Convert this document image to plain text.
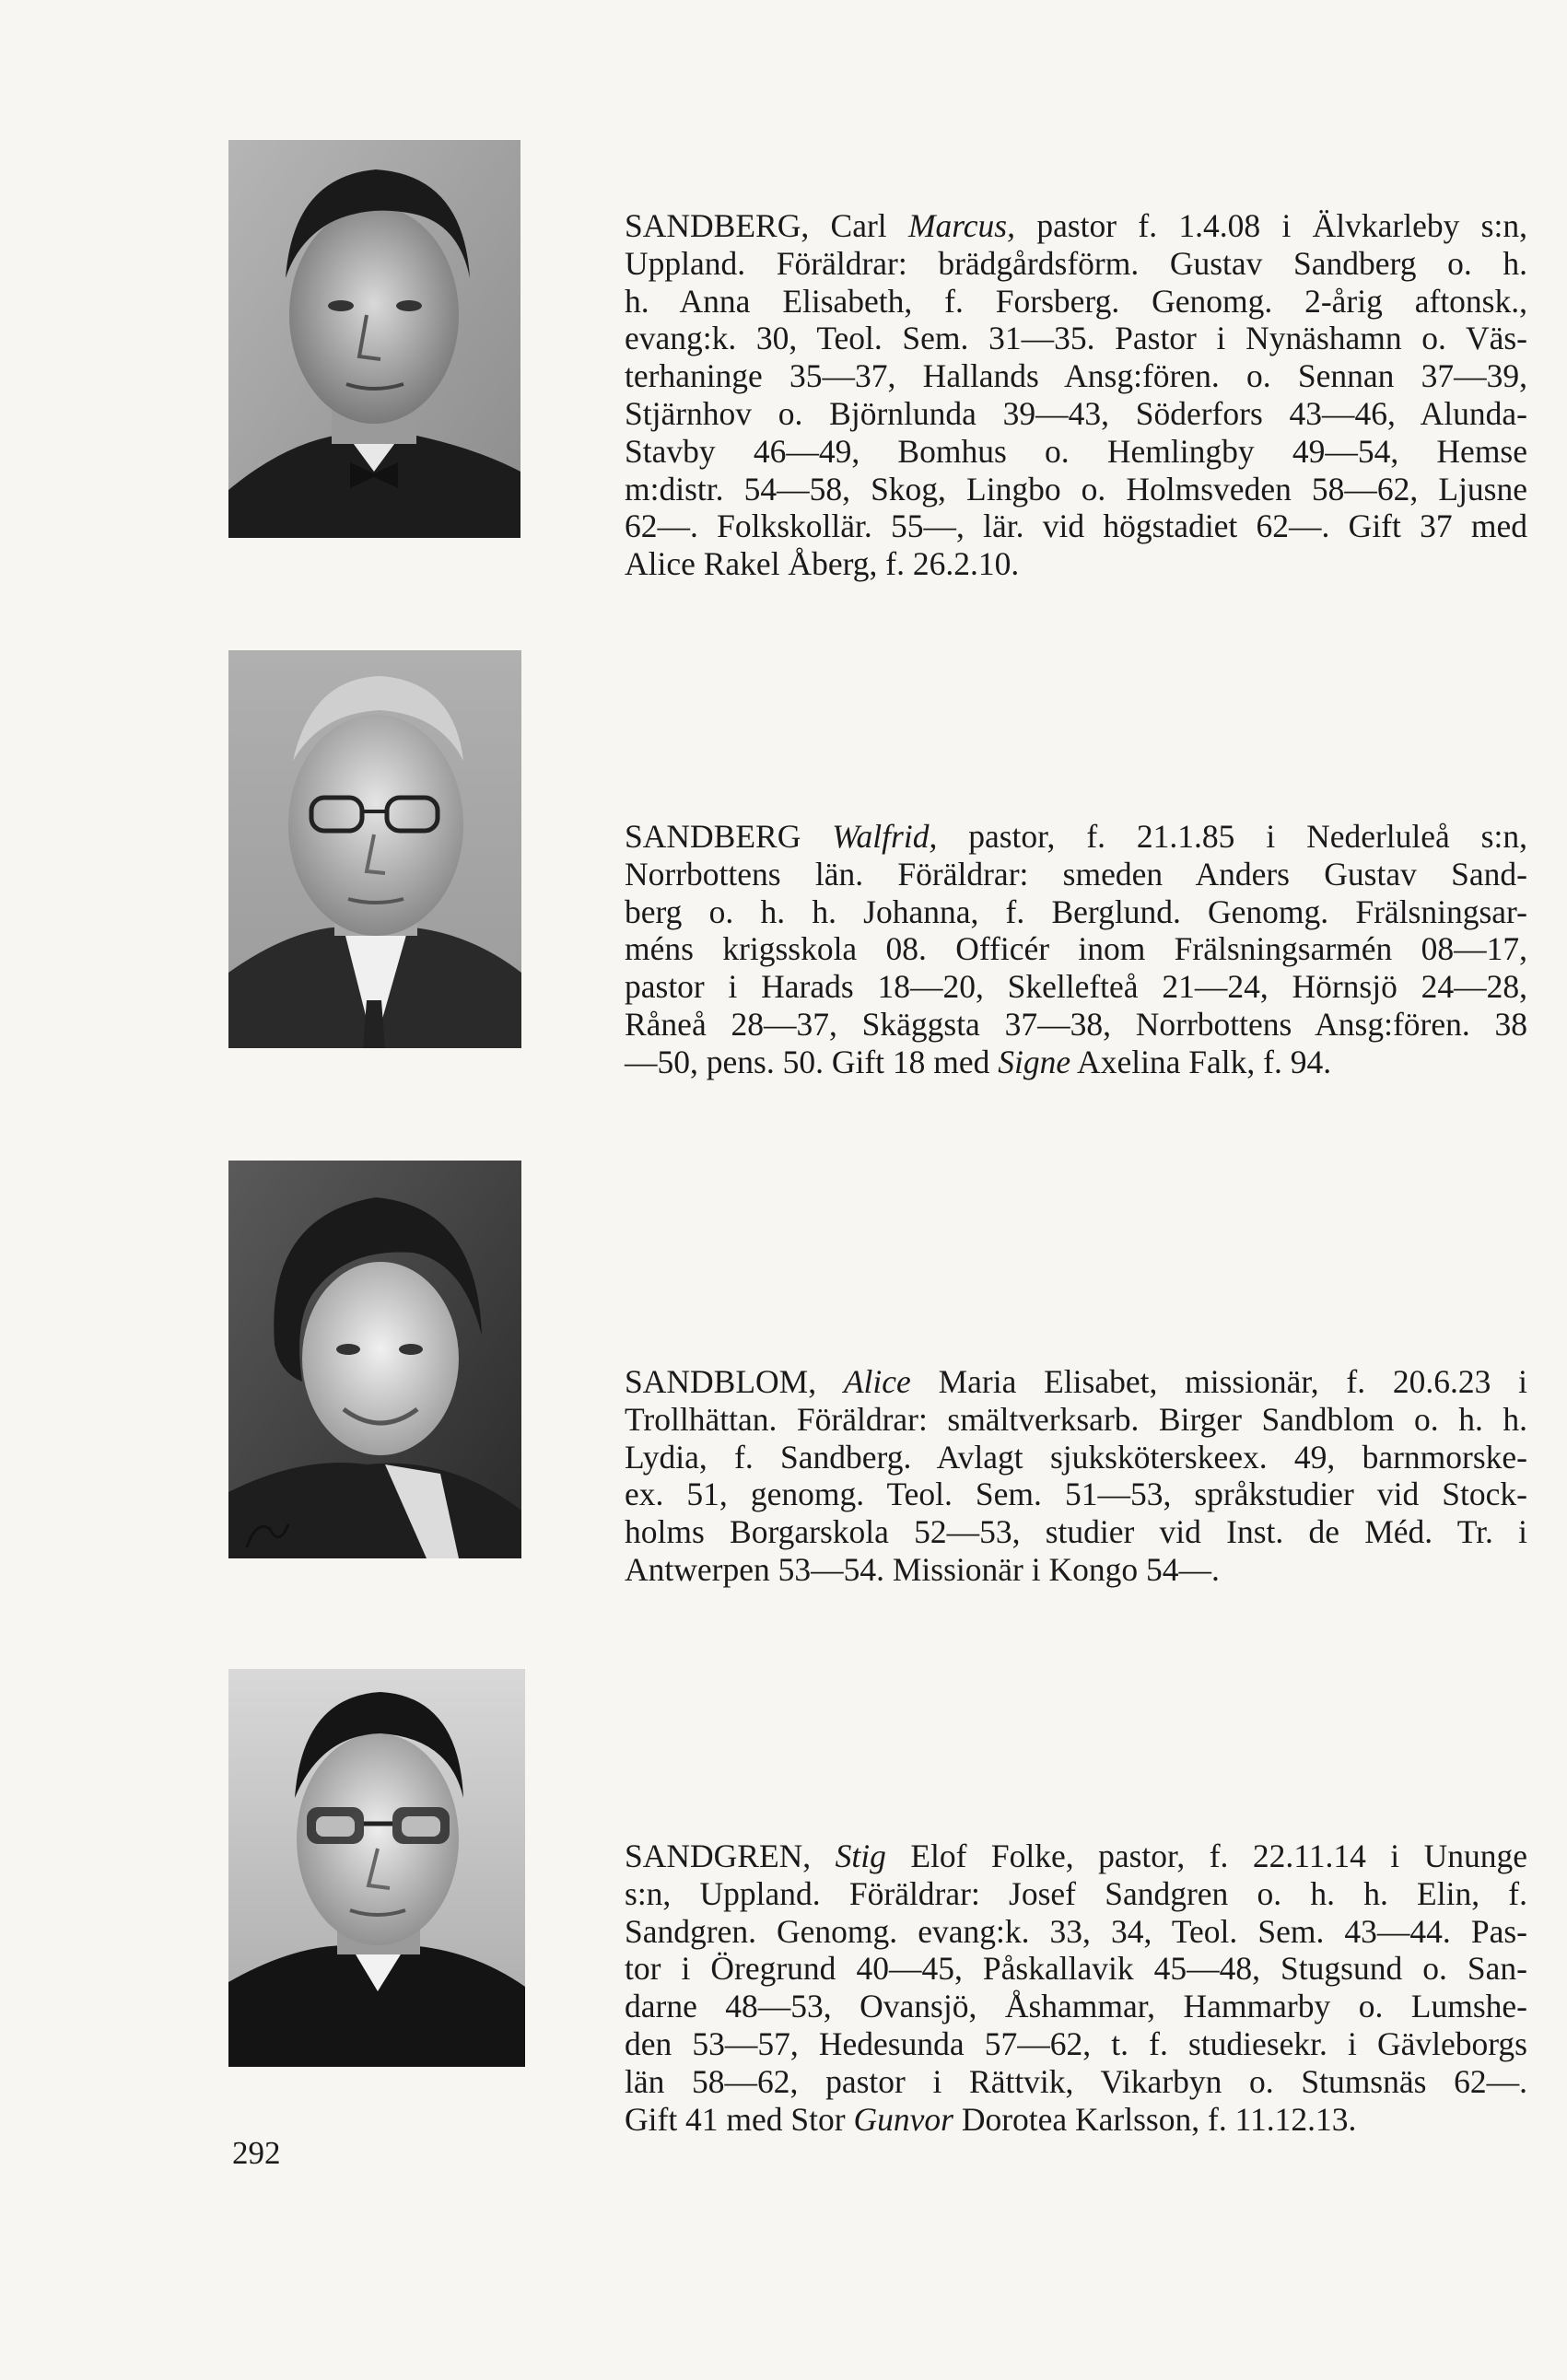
SANDBERG, Carl Marcus, pastor f. 1.4.08 i Älvkarleby s:n,
Uppland. Föräldrar: brädgårdsförm. Gustav Sandberg o. h.
h. Anna Elisabeth, f. Forsberg. Genomg. 2-årig aftonsk.,
evang:k. 30, Teol. Sem. 31—35. Pastor i Nynäshamn o. Väs-
terhaninge 35—37, Hallands Ansg:fören. o. Sennan 37—39,
Stjärnhov o. Björnlunda 39—43, Söderfors 43—46, Alunda-
Stavby 46—49, Bomhus o. Hemlingby 49—54, Hemse
m:distr. 54—58, Skog, Lingbo o. Holmsveden 58—62, Ljusne
62—. Folkskollär. 55—, lär. vid högstadiet 62—. Gift 37 med
Alice Rakel Åberg, f. 26.2.10.

SANDBERG Walfrid, pastor, f. 21.1.85 i Nederluleå s:n,
Norrbottens län. Föräldrar: smeden Anders Gustav Sand-
berg o. h. h. Johanna, f. Berglund. Genomg. Frälsningsar-
méns krigsskola 08. Officér inom Frälsningsarmén 08—17,
pastor i Harads 18—20, Skellefteå 21—24, Hörnsjö 24—28,
Råneå 28—37, Skäggsta 37—38, Norrbottens Ansg:fören. 38
—50, pens. 50. Gift 18 med Signe Axelina Falk, f. 94.

SANDBLOM, Alice Maria Elisabet, missionär, f. 20.6.23 i
Trollhättan. Föräldrar: smältverksarb. Birger Sandblom o. h. h.
Lydia, f. Sandberg. Avlagt sjuksköterskeex. 49, barnmorske-
ex. 51, genomg. Teol. Sem. 51—53, språkstudier vid Stock-
holms Borgarskola 52—53, studier vid Inst. de Méd. Tr. i
Antwerpen 53—54. Missionär i Kongo 54—.

SANDGREN, Stig Elof Folke, pastor, f. 22.11.14 i Ununge
s:n, Uppland. Föräldrar: Josef Sandgren o. h. h. Elin, f.
Sandgren. Genomg. evang:k. 33, 34, Teol. Sem. 43—44. Pas-
tor i Öregrund 40—45, Påskallavik 45—48, Stugsund o. San-
darne 48—53, Ovansjö, Åshammar, Hammarby o. Lumshe-
den 53—57, Hedesunda 57—62, t. f. studiesekr. i Gävleborgs
län 58—62, pastor i Rättvik, Vikarbyn o. Stumsnäs 62—.
Gift 41 med Stor Gunvor Dorotea Karlsson, f. 11.12.13.

292
